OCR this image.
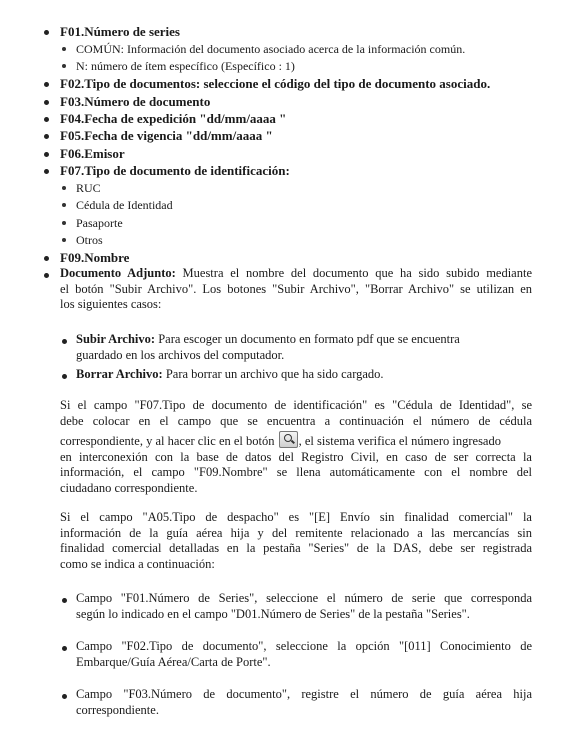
F01.Número de series
COMÚN: Información del documento asociado acerca de la información común.
N: número de ítem específico (Específico : 1)
F02.Tipo de documentos: seleccione el código del tipo de documento asociado.
F03.Número de documento
F04.Fecha de expedición "dd/mm/aaaa "
F05.Fecha de vigencia "dd/mm/aaaa "
F06.Emisor
F07.Tipo de documento de identificación:
RUC
Cédula de Identidad
Pasaporte
Otros
F09.Nombre
Documento Adjunto: Muestra el nombre del documento que ha sido subido mediante
el botón "Subir Archivo". Los botones "Subir Archivo", "Borrar Archivo" se utilizan en
los siguientes casos:
Subir Archivo: Para escoger un documento en formato pdf que se encuentra
guardado en los archivos del computador.
Borrar Archivo: Para borrar un archivo que ha sido cargado.
Si el campo "F07.Tipo de documento de identificación" es "Cédula de Identidad", se
debe colocar en el campo que se encuentra a continuación el número de cédula
correspondiente, y al hacer clic en el botón , el sistema verifica el número ingresado
en interconexión con la base de datos del Registro Civil, en caso de ser correcta la
información, el campo "F09.Nombre" se llena automáticamente con el nombre del
ciudadano correspondiente.
Si el campo "A05.Tipo de despacho" es "[E] Envío sin finalidad comercial" la
información de la guía aérea hija y del remitente relacionado a las mercancías sin
finalidad comercial detalladas en la pestaña "Series" de la DAS, debe ser registrada
como se indica a continuación:
Campo "F01.Número de Series", seleccione el número de serie que corresponda
según lo indicado en el campo "D01.Número de Series" de la pestaña "Series".
Campo "F02.Tipo de documento", seleccione la opción "[011] Conocimiento de
Embarque/Guía Aérea/Carta de Porte".
Campo "F03.Número de documento", registre el número de guía aérea hija
correspondiente.
